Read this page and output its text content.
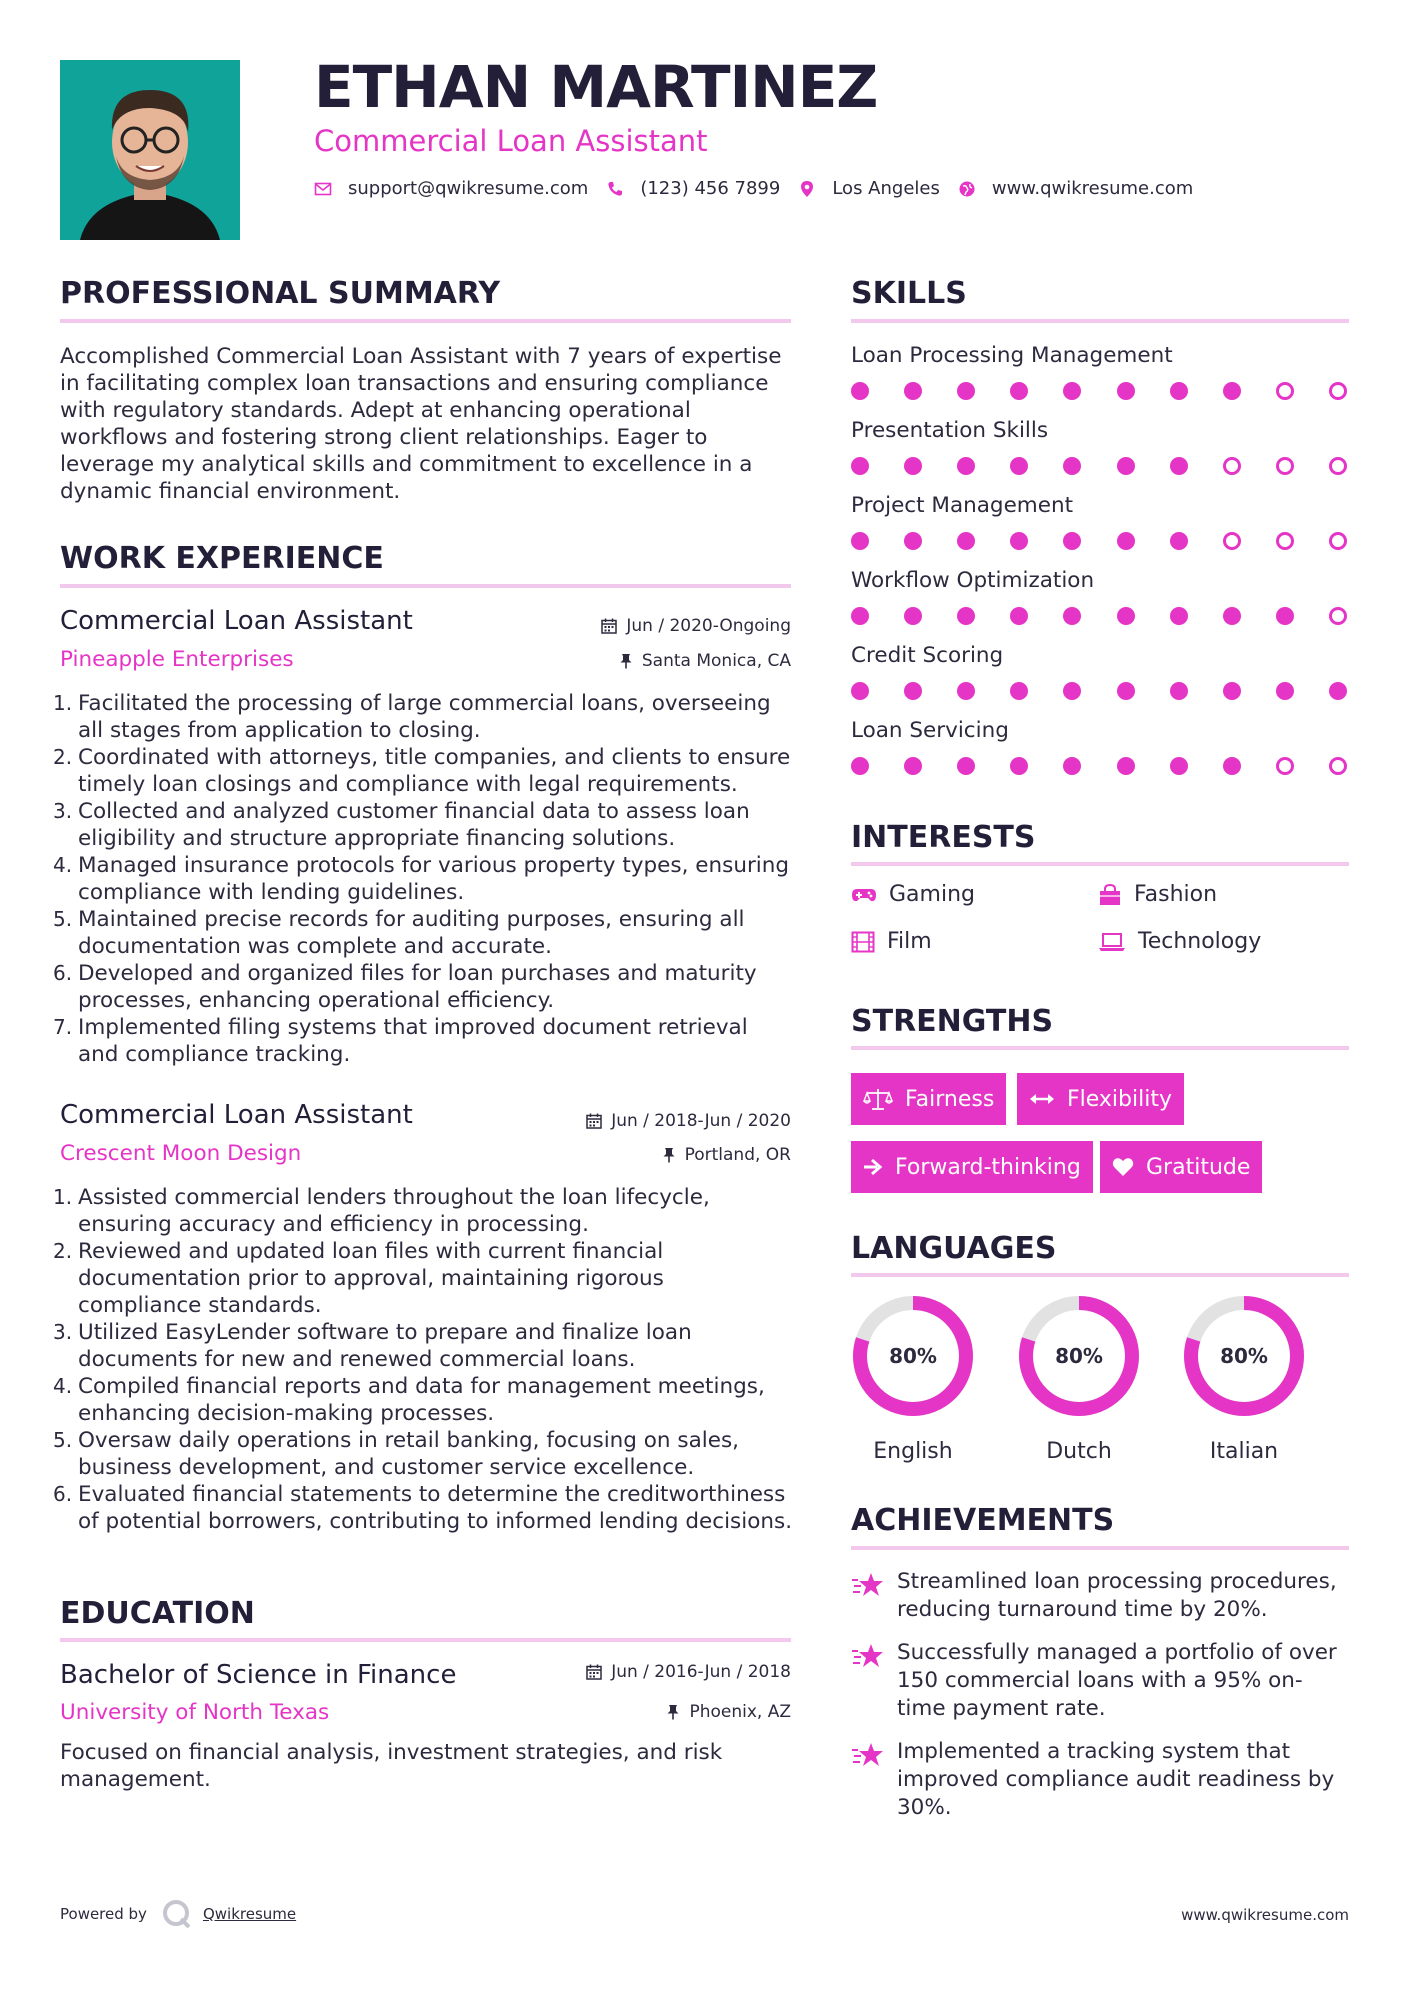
ETHAN MARTINEZ
Commercial Loan Assistant
support@qwikresume.com	(123) 456 7899	Los Angeles	www.qwikresume.com
PROFESSIONAL SUMMARY
Accomplished Commercial Loan Assistant with 7 years of expertise in facilitating complex loan transactions and ensuring compliance with regulatory standards. Adept at enhancing operational workflows and fostering strong client relationships. Eager to leverage my analytical skills and commitment to excellence in a dynamic financial environment.
WORK EXPERIENCE
Commercial Loan Assistant	Jun / 2020-Ongoing
Pineapple Enterprises	Santa Monica, CA
1. Facilitated the processing of large commercial loans, overseeing all stages from application to closing.
2. Coordinated with attorneys, title companies, and clients to ensure timely loan closings and compliance with legal requirements.
3. Collected and analyzed customer financial data to assess loan eligibility and structure appropriate financing solutions.
4. Managed insurance protocols for various property types, ensuring compliance with lending guidelines.
5. Maintained precise records for auditing purposes, ensuring all documentation was complete and accurate.
6. Developed and organized files for loan purchases and maturity processes, enhancing operational efficiency.
7. Implemented filing systems that improved document retrieval and compliance tracking.
Commercial Loan Assistant	Jun / 2018-Jun / 2020
Crescent Moon Design	Portland, OR
1. Assisted commercial lenders throughout the loan lifecycle, ensuring accuracy and efficiency in processing.
2. Reviewed and updated loan files with current financial documentation prior to approval, maintaining rigorous compliance standards.
3. Utilized EasyLender software to prepare and finalize loan documents for new and renewed commercial loans.
4. Compiled financial reports and data for management meetings, enhancing decision-making processes.
5. Oversaw daily operations in retail banking, focusing on sales, business development, and customer service excellence.
6. Evaluated financial statements to determine the creditworthiness of potential borrowers, contributing to informed lending decisions.
EDUCATION
Bachelor of Science in Finance	Jun / 2016-Jun / 2018
University of North Texas	Phoenix, AZ
Focused on financial analysis, investment strategies, and risk management.
SKILLS
Loan Processing Management
Presentation Skills
Project Management
Workflow Optimization
Credit Scoring
Loan Servicing
INTERESTS
Gaming	Fashion
Film	Technology
STRENGTHS
Fairness	Flexibility
Forward-thinking	Gratitude
LANGUAGES
80%
English
80%
Dutch
80%
Italian
ACHIEVEMENTS
Streamlined loan processing procedures, reducing turnaround time by 20%.
Successfully managed a portfolio of over 150 commercial loans with a 95% on-time payment rate.
Implemented a tracking system that improved compliance audit readiness by 30%.
Powered by	Qwikresume	www.qwikresume.com
